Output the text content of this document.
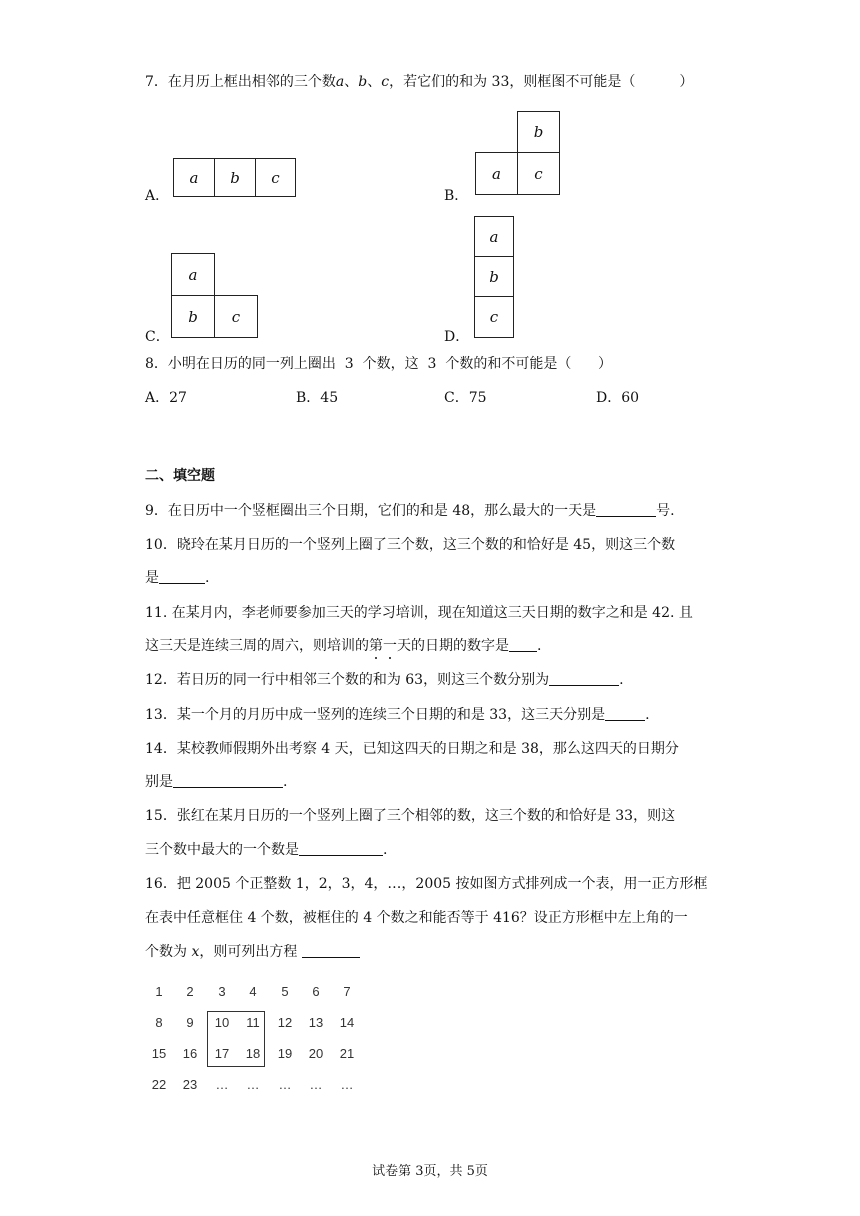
7．在月历上框出相邻的三个数a、b、c，若它们的和为 33，则框图不可能是（	）
A．
a	b	c
B．
b
a	c
C．
a
b	c
D．
a
b
c
8．小明在日历的同一列上圈出  3  个数，这  3  个数的和不可能是（      ）
A．27	B．45	C．75	D．60
二、填空题
9．在日历中一个竖框圈出三个日期，它们的和是 48，那么最大的一天是	号.
10．晓玲在某月日历的一个竖列上圈了三个数，这三个数的和恰好是 45，则这三个数
是	.
11. 在某月内，李老师要参加三天的学习培训，现在知道这三天日期的数字之和是 42. 且
这三天是连续三周的周六，则培训的第一天的日期的数字是 .
12．若日历的同一行中相邻三个数的和为 63，则这三个数分别为	.
13．某一个月的月历中成一竖列的连续三个日期的和是 33，这三天分别是	.
14．某校教师假期外出考察 4 天，已知这四天的日期之和是 38，那么这四天的日期分
别是	.
15．张红在某月日历的一个竖列上圈了三个相邻的数，这三个数的和恰好是 33，则这
三个数中最大的一个数是	.
16．把 2005 个正整数 1，2，3，4，…，2005 按如图方式排列成一个表，用一正方形框
在表中任意框住 4 个数，被框住的 4 个数之和能否等于 416？设正方形框中左上角的一
个数为 x，则可列出方程
1	2	3	4	5	6	7
8	9	10	11	12	13	14
15	16	17	18	19	20	21
22	23	…	…	…	…	…
试卷第 3页，共 5页
